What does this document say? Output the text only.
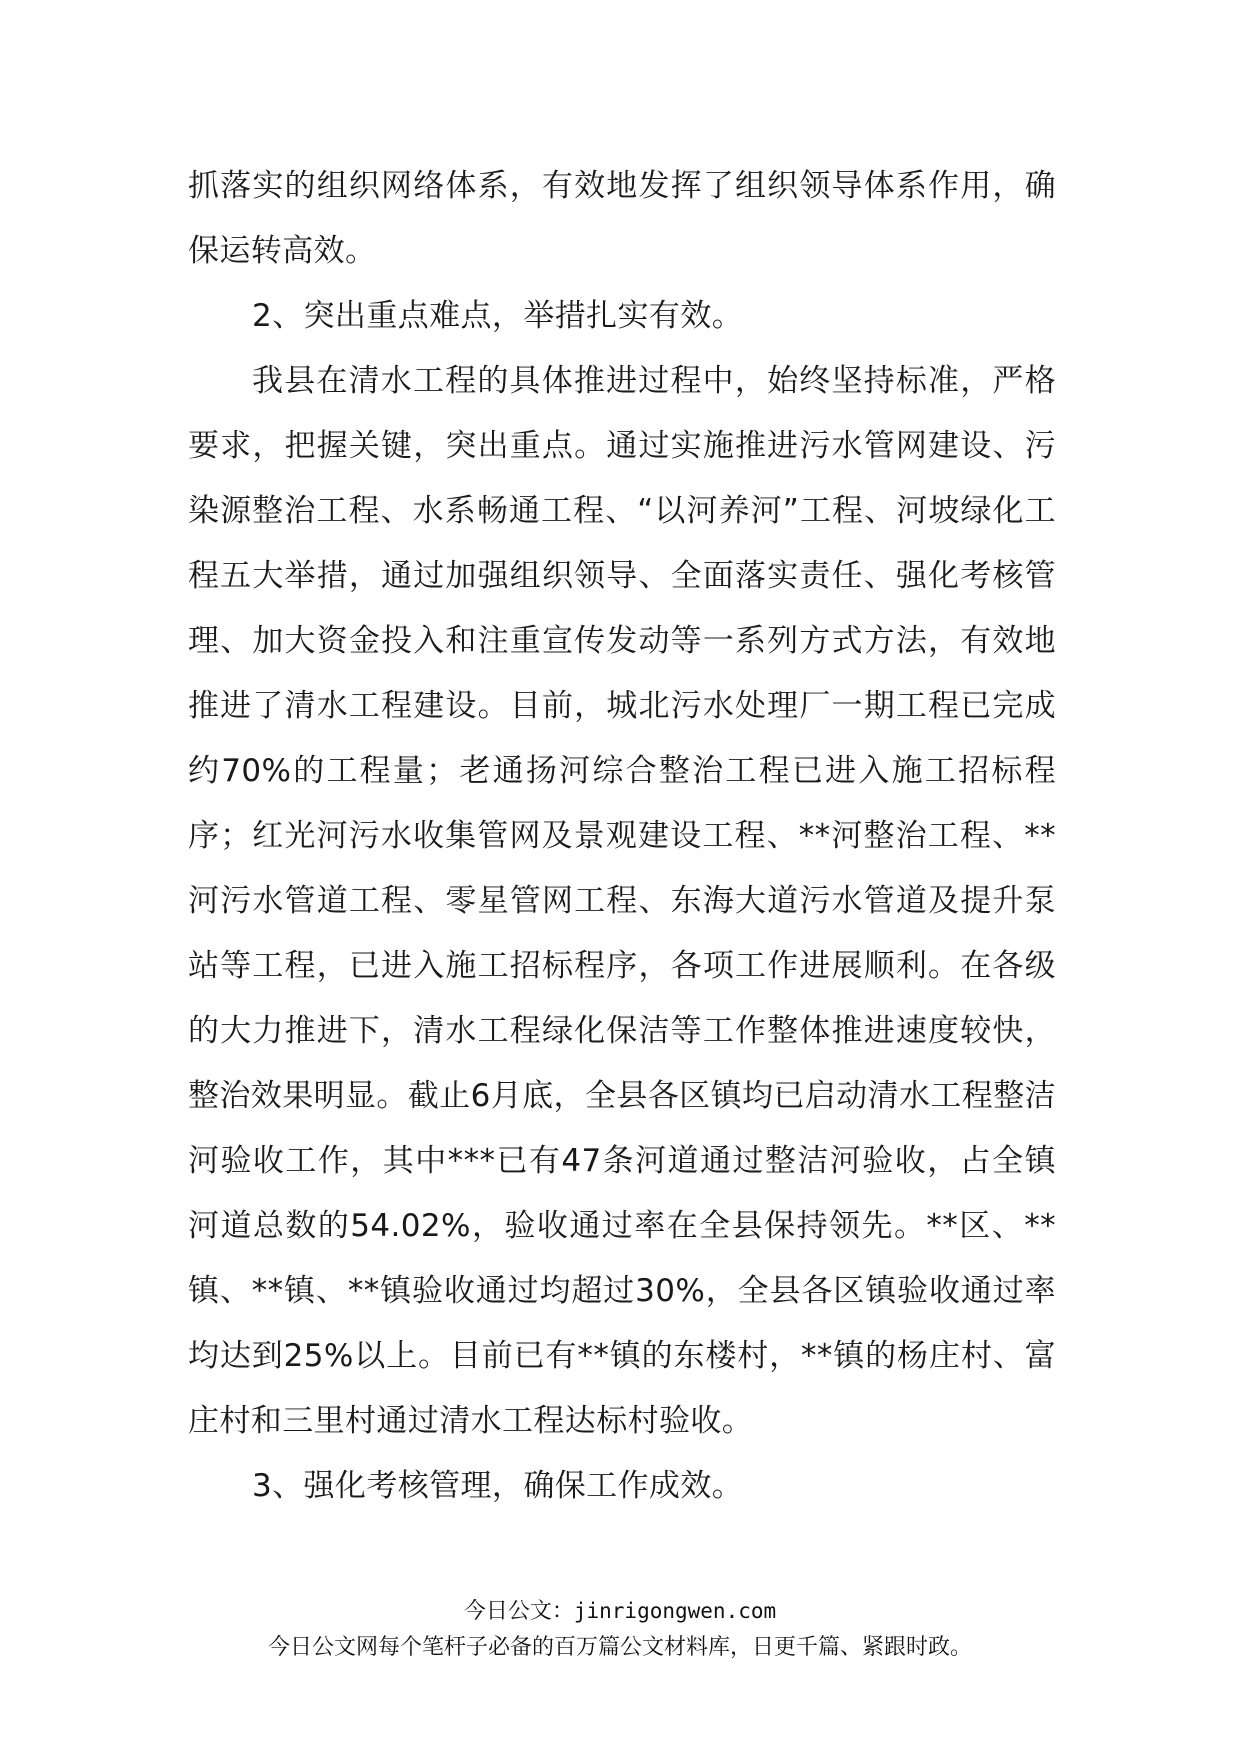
抓落实的组织网络体系，有效地发挥了组织领导体系作用，确保运转高效。

2、突出重点难点，举措扎实有效。

我县在清水工程的具体推进过程中，始终坚持标准，严格要求，把握关键，突出重点。通过实施推进污水管网建设、污染源整治工程、水系畅通工程、“以河养河”工程、河坡绿化工程五大举措，通过加强组织领导、全面落实责任、强化考核管理、加大资金投入和注重宣传发动等一系列方式方法，有效地推进了清水工程建设。目前，城北污水处理厂一期工程已完成约70%的工程量；老通扬河综合整治工程已进入施工招标程序；红光河污水收集管网及景观建设工程、**河整治工程、**河污水管道工程、零星管网工程、东海大道污水管道及提升泵站等工程，已进入施工招标程序，各项工作进展顺利。在各级的大力推进下，清水工程绿化保洁等工作整体推进速度较快，整治效果明显。截止6月底，全县各区镇均已启动清水工程整洁河验收工作，其中***已有47条河道通过整洁河验收，占全镇河道总数的54.02%，验收通过率在全县保持领先。**区、**镇、**镇、**镇验收通过均超过30%，全县各区镇验收通过率均达到25%以上。目前已有**镇的东楼村，**镇的杨庄村、富庄村和三里村通过清水工程达标村验收。

3、强化考核管理，确保工作成效。

今日公文：jinrigongwen.com
今日公文网每个笔杆子必备的百万篇公文材料库，日更千篇、紧跟时政。
